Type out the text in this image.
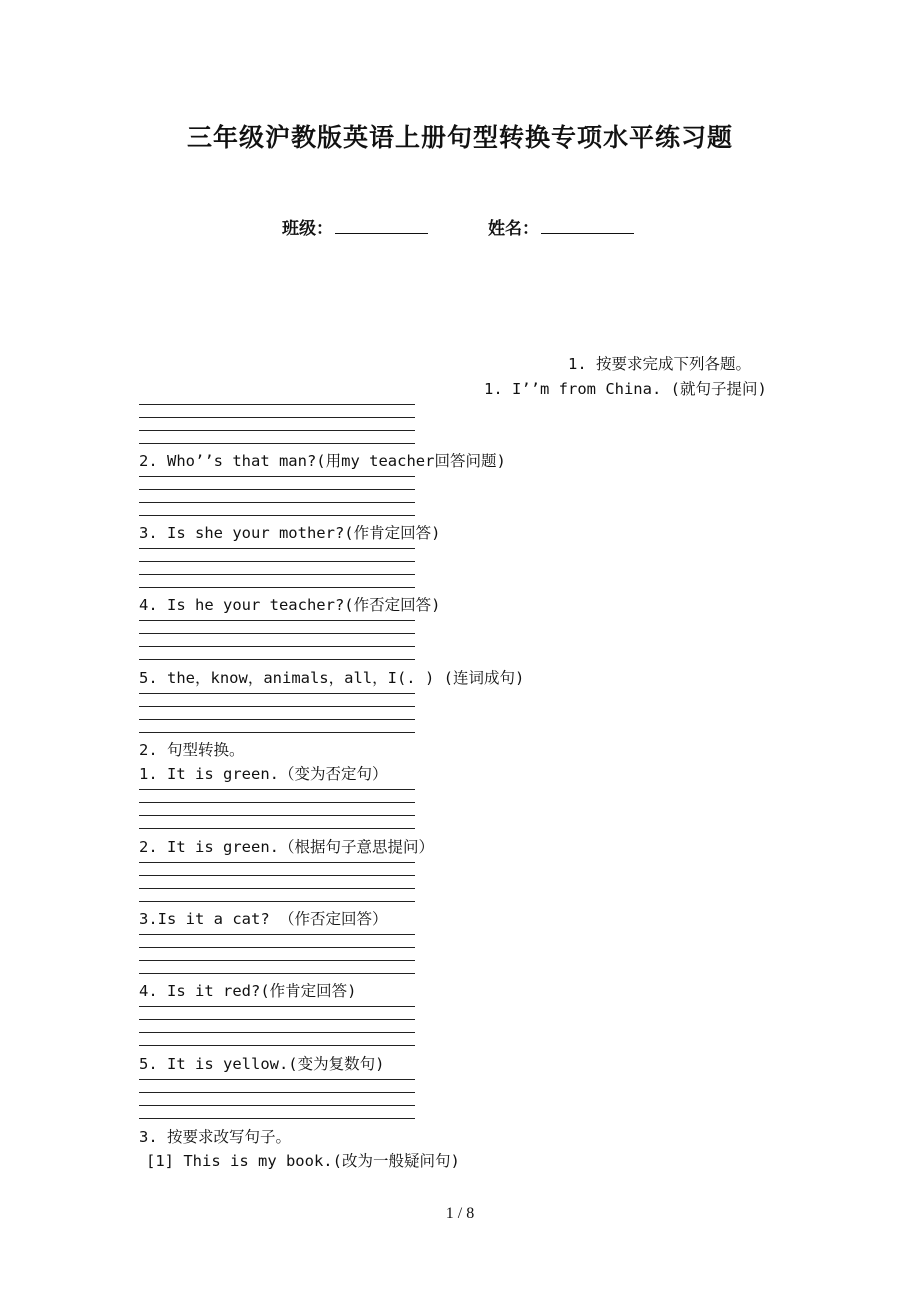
三年级沪教版英语上册句型转换专项水平练习题
班级：	姓名：
1. 按要求完成下列各题。
1. I’’m from China. (就句子提问)
2. Who’’s that man?(用my teacher回答问题)
3. Is she your mother?(作肯定回答)
4. Is he your teacher?(作否定回答)
5. the，know，animals，all，I(. ) (连词成句)
2. 句型转换。
1. It is green.（变为否定句）
2. It is green.（根据句子意思提问）
3.Is it a cat? （作否定回答）
4. Is it red?(作肯定回答)
5. It is yellow.(变为复数句)
3. 按要求改写句子。
[1] This is my book.(改为一般疑问句)
1 / 8
